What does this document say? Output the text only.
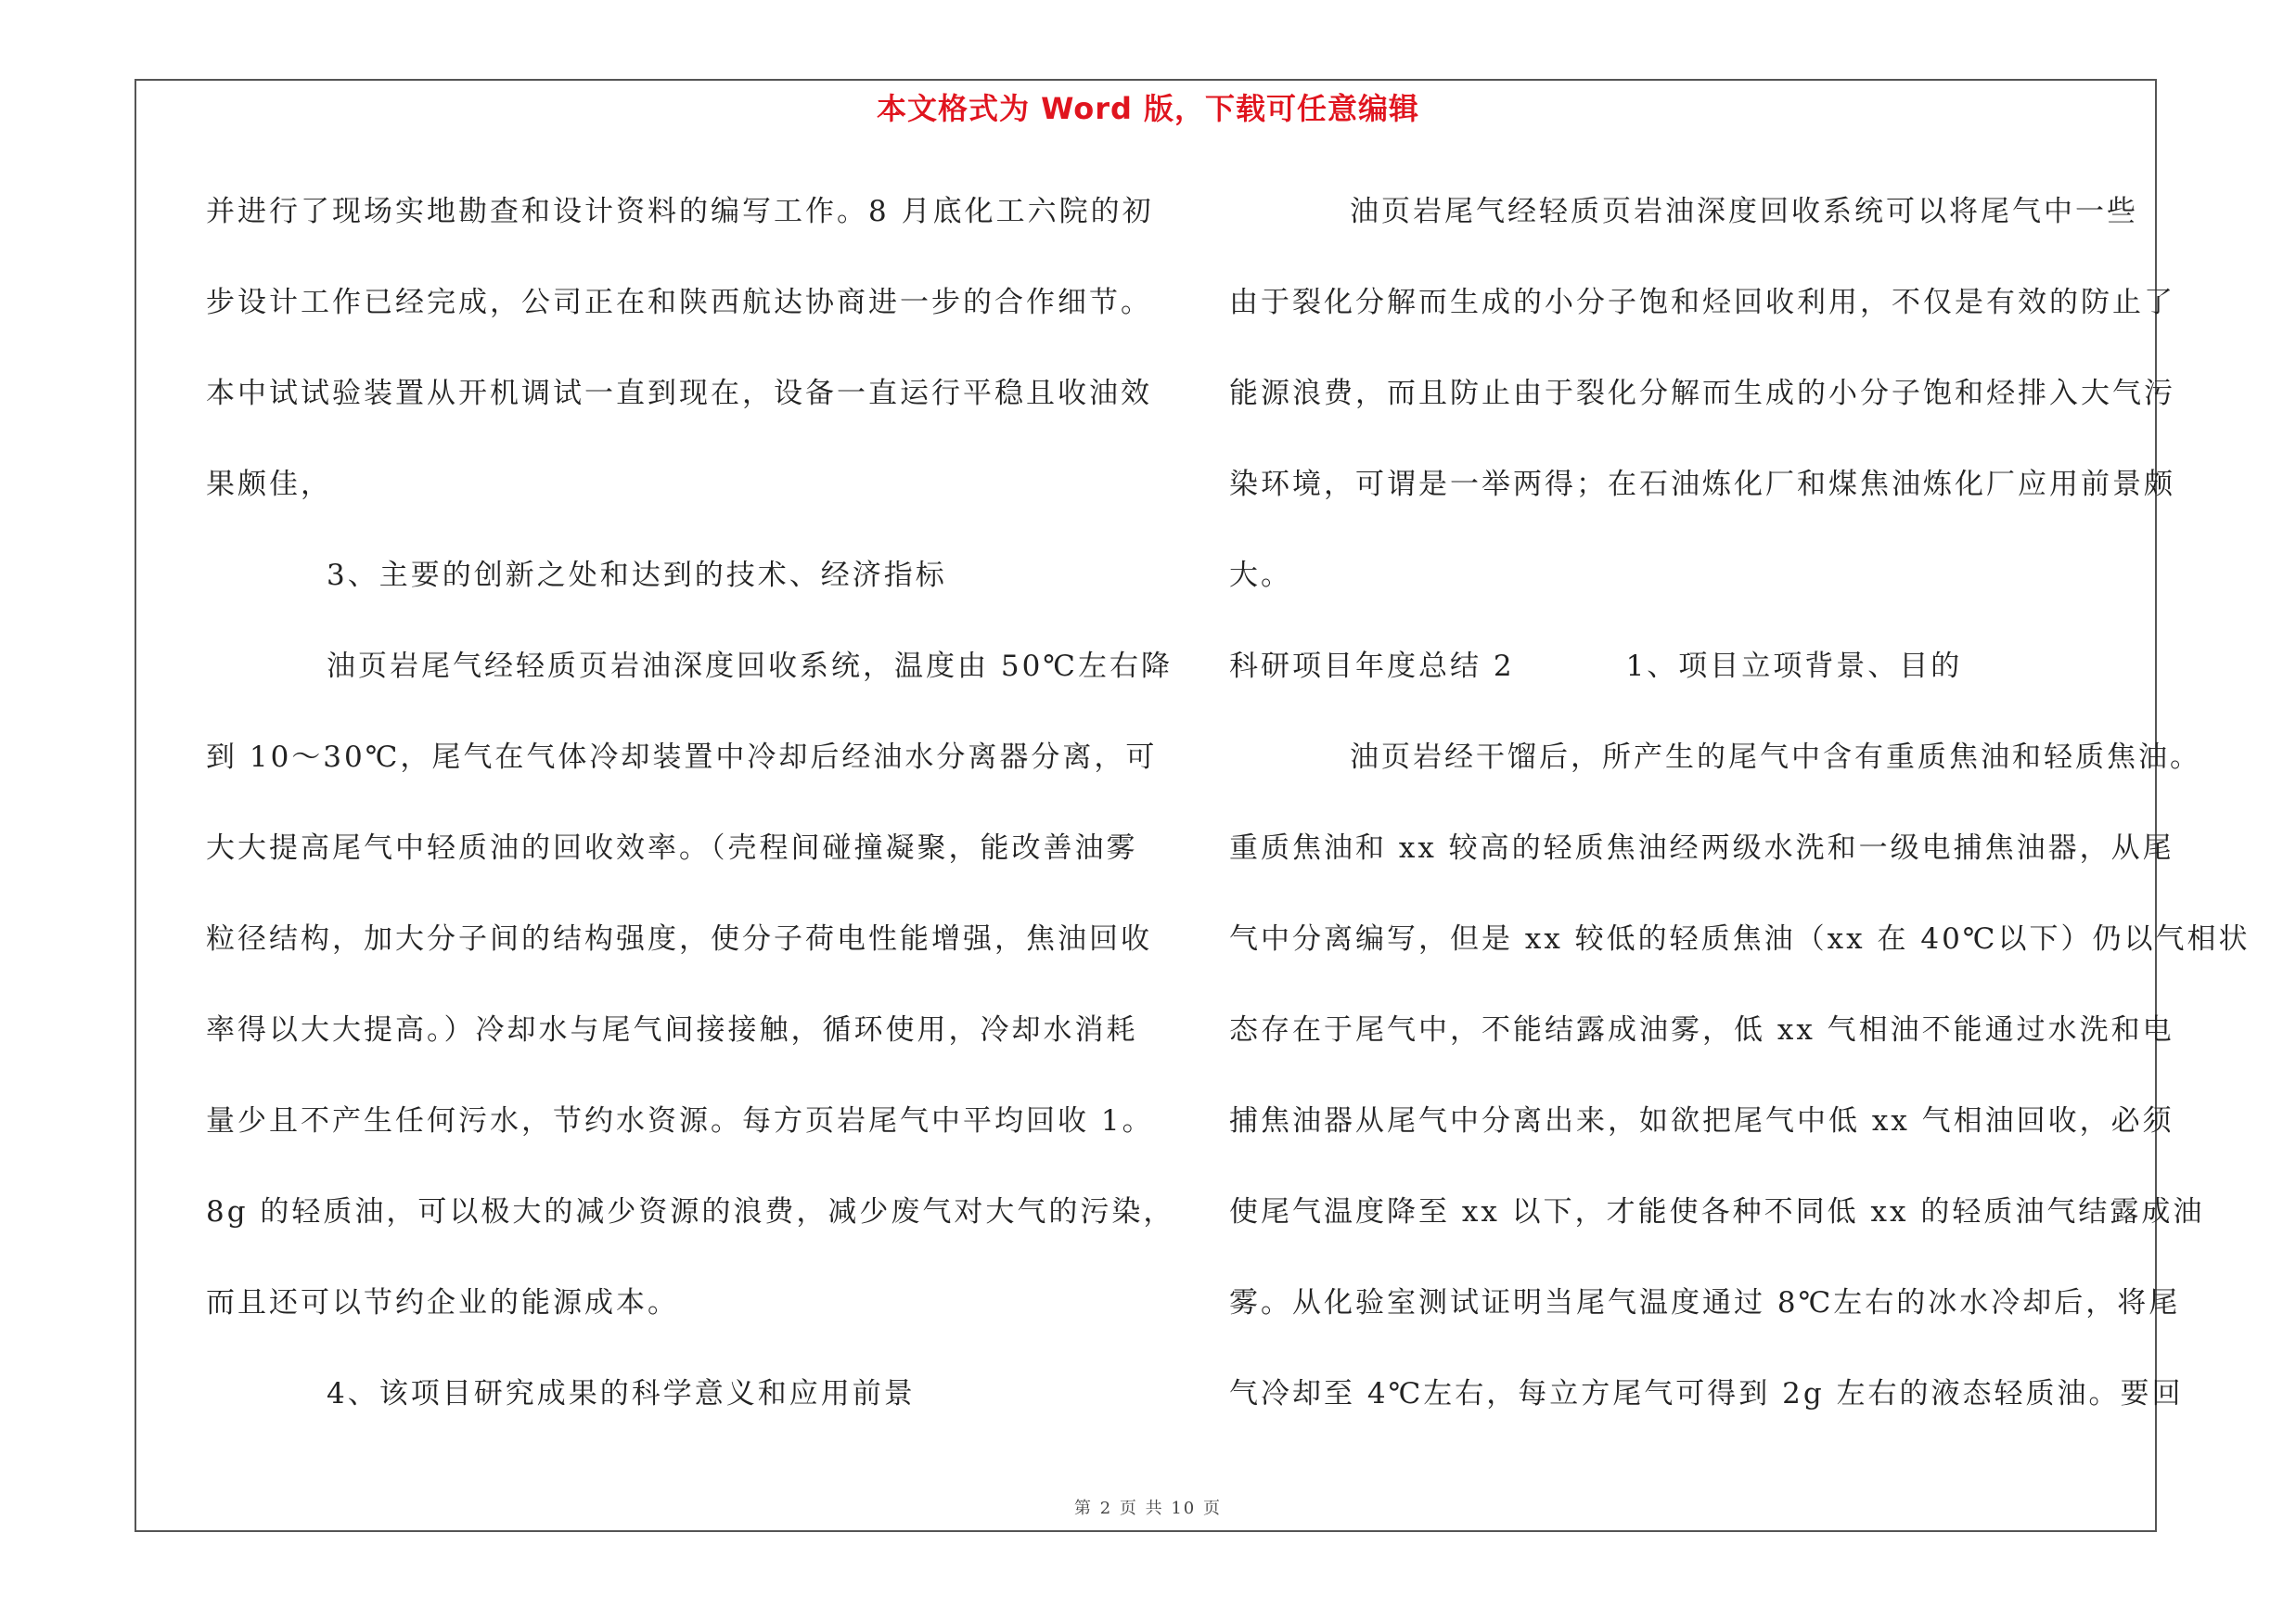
本文格式为 Word 版，下载可任意编辑
并进行了现场实地勘查和设计资料的编写工作。8 月底化工六院的初
步设计工作已经完成，公司正在和陕西航达协商进一步的合作细节。
本中试试验装置从开机调试一直到现在，设备一直运行平稳且收油效
果颇佳，
3、主要的创新之处和达到的技术、经济指标
油页岩尾气经轻质页岩油深度回收系统，温度由 50℃左右降
到 10～30℃，尾气在气体冷却装置中冷却后经油水分离器分离，可
大大提高尾气中轻质油的回收效率。（壳程间碰撞凝聚，能改善油雾
粒径结构，加大分子间的结构强度，使分子荷电性能增强，焦油回收
率得以大大提高。）冷却水与尾气间接接触，循环使用，冷却水消耗
量少且不产生任何污水，节约水资源。每方页岩尾气中平均回收 1。
8g 的轻质油，可以极大的减少资源的浪费，减少废气对大气的污染，
而且还可以节约企业的能源成本。
4、该项目研究成果的科学意义和应用前景
油页岩尾气经轻质页岩油深度回收系统可以将尾气中一些
由于裂化分解而生成的小分子饱和烃回收利用，不仅是有效的防止了
能源浪费，而且防止由于裂化分解而生成的小分子饱和烃排入大气污
染环境，可谓是一举两得；在石油炼化厂和煤焦油炼化厂应用前景颇
大。
科研项目年度总结 2	1、项目立项背景、目的
油页岩经干馏后，所产生的尾气中含有重质焦油和轻质焦油。
重质焦油和 xx 较高的轻质焦油经两级水洗和一级电捕焦油器，从尾
气中分离编写，但是 xx 较低的轻质焦油（xx 在 40℃以下）仍以气相状
态存在于尾气中，不能结露成油雾，低 xx 气相油不能通过水洗和电
捕焦油器从尾气中分离出来，如欲把尾气中低 xx 气相油回收，必须
使尾气温度降至 xx 以下，才能使各种不同低 xx 的轻质油气结露成油
雾。从化验室测试证明当尾气温度通过 8℃左右的冰水冷却后，将尾
气冷却至 4℃左右，每立方尾气可得到 2g 左右的液态轻质油。要回
第 2 页 共 10 页
